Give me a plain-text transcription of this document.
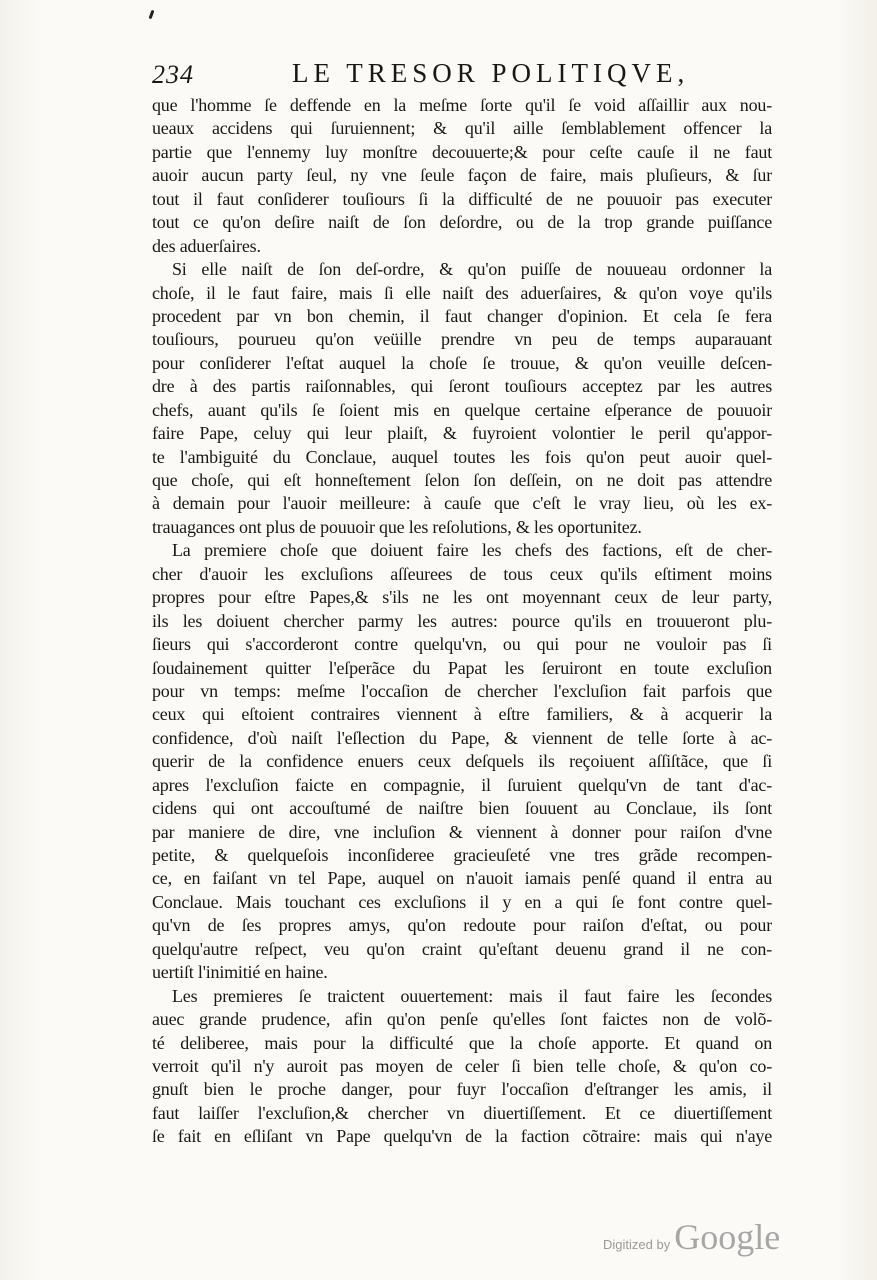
234	LE TRESOR POLITIQVE,
que l'homme ſe deffende en la meſme ſorte qu'il ſe void aſſaillir aux nou-
ueaux accidens qui ſuruiennent; & qu'il aille ſemblablement offencer la
partie que l'ennemy luy monſtre decouuerte;& pour ceſte cauſe il ne faut
auoir aucun party ſeul, ny vne ſeule façon de faire, mais pluſieurs, & ſur
tout il faut conſiderer touſiours ſi la difficulté de ne pouuoir pas executer
tout ce qu'on deſire naiſt de ſon deſordre, ou de la trop grande puiſſance
des aduerſaires.
Si elle naiſt de ſon deſ-ordre, & qu'on puiſſe de nouueau ordonner la
choſe, il le faut faire, mais ſi elle naiſt des aduerſaires, & qu'on voye qu'ils
procedent par vn bon chemin, il faut changer d'opinion. Et cela ſe fera
touſiours, pourueu qu'on veüille prendre vn peu de temps auparauant
pour conſiderer l'eſtat auquel la choſe ſe trouue, & qu'on veuille deſcen-
dre à des partis raiſonnables, qui ſeront touſiours acceptez par les autres
chefs, auant qu'ils ſe ſoient mis en quelque certaine eſperance de pouuoir
faire Pape, celuy qui leur plaiſt, & fuyroient volontier le peril qu'appor-
te l'ambiguité du Conclaue, auquel toutes les fois qu'on peut auoir quel-
que choſe, qui eſt honneſtement ſelon ſon deſſein, on ne doit pas attendre
à demain pour l'auoir meilleure: à cauſe que c'eſt le vray lieu, où les ex-
trauagances ont plus de pouuoir que les reſolutions, & les oportunitez.
La premiere choſe que doiuent faire les chefs des factions, eſt de cher-
cher d'auoir les excluſions aſſeurees de tous ceux qu'ils eſtiment moins
propres pour eſtre Papes,& s'ils ne les ont moyennant ceux de leur party,
ils les doiuent chercher parmy les autres: pource qu'ils en trouueront plu-
ſieurs qui s'accorderont contre quelqu'vn, ou qui pour ne vouloir pas ſi
ſoudainement quitter l'eſperãce du Papat les ſeruiront en toute excluſion
pour vn temps: meſme l'occaſion de chercher l'excluſion fait parfois que
ceux qui eſtoient contraires viennent à eſtre familiers, & à acquerir la
confidence, d'où naiſt l'eſlection du Pape, & viennent de telle ſorte à ac-
querir de la confidence enuers ceux deſquels ils reçoiuent aſſiſtãce, que ſi
apres l'excluſion faicte en compagnie, il ſuruient quelqu'vn de tant d'ac-
cidens qui ont accouſtumé de naiſtre bien ſouuent au Conclaue, ils ſont
par maniere de dire, vne incluſion & viennent à donner pour raiſon d'vne
petite, & quelqueſois inconſideree gracieuſeté vne tres grãde recompen-
ce, en faiſant vn tel Pape, auquel on n'auoit iamais penſé quand il entra au
Conclaue. Mais touchant ces excluſions il y en a qui ſe font contre quel-
qu'vn de ſes propres amys, qu'on redoute pour raiſon d'eſtat, ou pour
quelqu'autre reſpect, veu qu'on craint qu'eſtant deuenu grand il ne con-
uertiſt l'inimitié en haine.
Les premieres ſe traictent ouuertement: mais il faut faire les ſecondes
auec grande prudence, afin qu'on penſe qu'elles ſont faictes non de volõ-
té deliberee, mais pour la difficulté que la choſe apporte. Et quand on
verroit qu'il n'y auroit pas moyen de celer ſi bien telle choſe, & qu'on co-
gnuſt bien le proche danger, pour fuyr l'occaſion d'eſtranger les amis, il
faut laiſſer l'excluſion,& chercher vn diuertiſſement. Et ce diuertiſſement
ſe fait en eſliſant vn Pape quelqu'vn de la faction cõtraire: mais qui n'aye
Digitized by Google
